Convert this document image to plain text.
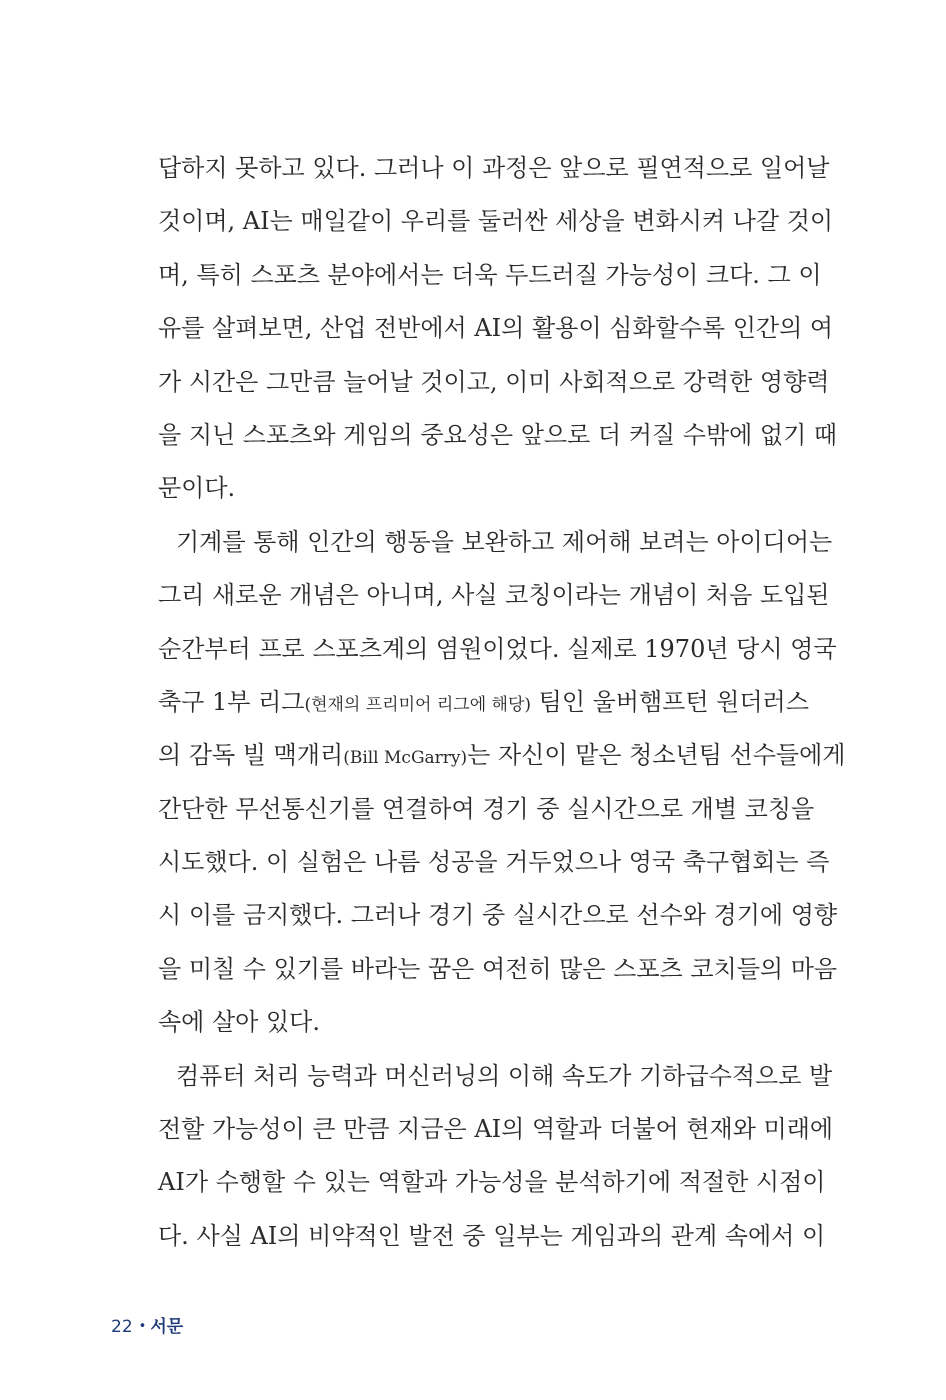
답하지 못하고 있다. 그러나 이 과정은 앞으로 필연적으로 일어날
것이며, AI는 매일같이 우리를 둘러싼 세상을 변화시켜 나갈 것이
며, 특히 스포츠 분야에서는 더욱 두드러질 가능성이 크다. 그 이
유를 살펴보면, 산업 전반에서 AI의 활용이 심화할수록 인간의 여
가 시간은 그만큼 늘어날 것이고, 이미 사회적으로 강력한 영향력
을 지닌 스포츠와 게임의 중요성은 앞으로 더 커질 수밖에 없기 때
문이다.
기계를 통해 인간의 행동을 보완하고 제어해 보려는 아이디어는
그리 새로운 개념은 아니며, 사실 코칭이라는 개념이 처음 도입된
순간부터 프로 스포츠계의 염원이었다. 실제로 1970년 당시 영국
축구 1부 리그(현재의 프리미어 리그에 해당) 팀인 울버햄프턴 원더러스
의 감독 빌 맥개리(Bill McGarry)는 자신이 맡은 청소년팀 선수들에게
간단한 무선통신기를 연결하여 경기 중 실시간으로 개별 코칭을
시도했다. 이 실험은 나름 성공을 거두었으나 영국 축구협회는 즉
시 이를 금지했다. 그러나 경기 중 실시간으로 선수와 경기에 영향
을 미칠 수 있기를 바라는 꿈은 여전히 많은 스포츠 코치들의 마음
속에 살아 있다.
컴퓨터 처리 능력과 머신러닝의 이해 속도가 기하급수적으로 발
전할 가능성이 큰 만큼 지금은 AI의 역할과 더불어 현재와 미래에
AI가 수행할 수 있는 역할과 가능성을 분석하기에 적절한 시점이
다. 사실 AI의 비약적인 발전 중 일부는 게임과의 관계 속에서 이
22 • 서문
